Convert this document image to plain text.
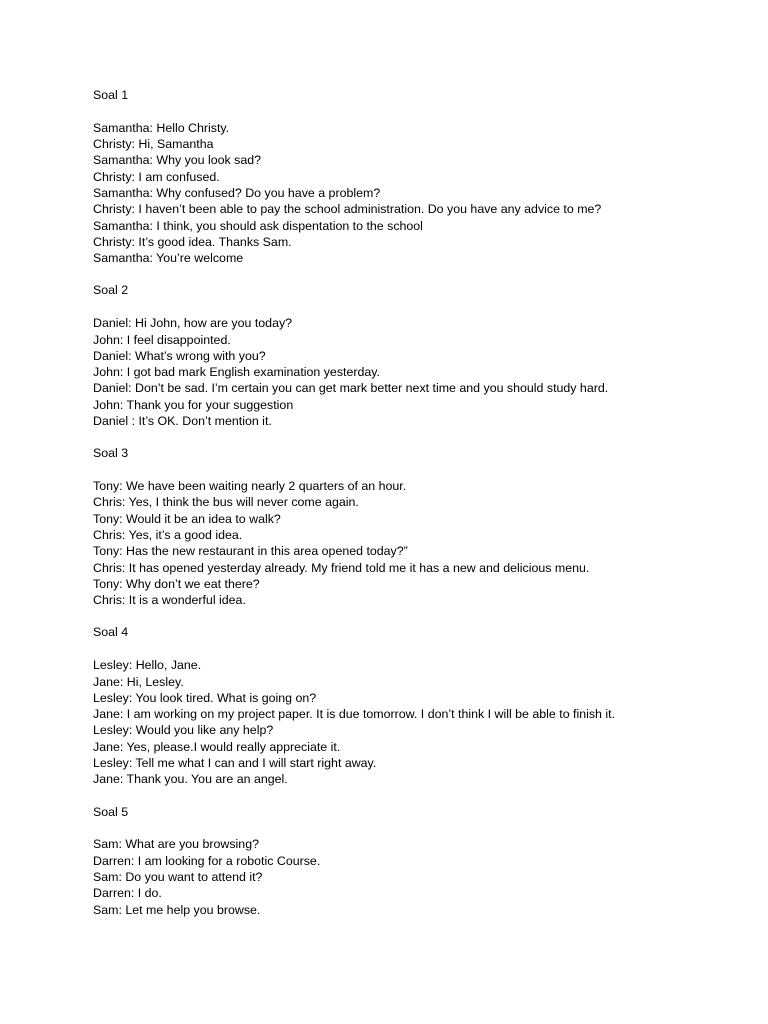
Soal 1
Samantha: Hello Christy.
Christy: Hi, Samantha
Samantha: Why you look sad?
Christy: I am confused.
Samantha: Why confused? Do you have a problem?
Christy: I haven’t been able to pay the school administration. Do you have any advice to me?
Samantha: I think, you should ask dispentation to the school
Christy: It’s good idea. Thanks Sam.
Samantha: You’re welcome
Soal 2
Daniel: Hi John, how are you today?
John: I feel disappointed.
Daniel: What’s wrong with you?
John: I got bad mark English examination yesterday.
Daniel: Don’t be sad. I’m certain you can get mark better next time and you should study hard.
John: Thank you for your suggestion
Daniel : It’s OK. Don’t mention it.
Soal 3
Tony: We have been waiting nearly 2 quarters of an hour.
Chris: Yes, I think the bus will never come again.
Tony: Would it be an idea to walk?
Chris: Yes, it’s a good idea.
Tony: Has the new restaurant in this area opened today?”
Chris: It has opened yesterday already. My friend told me it has a new and delicious menu.
Tony: Why don’t we eat there?
Chris: It is a wonderful idea.
Soal 4
Lesley: Hello, Jane.
Jane: Hi, Lesley.
Lesley: You look tired. What is going on?
Jane: I am working on my project paper. It is due tomorrow. I don’t think I will be able to finish it.
Lesley: Would you like any help?
Jane: Yes, please.I would really appreciate it.
Lesley: Tell me what I can and I will start right away.
Jane: Thank you. You are an angel.
Soal 5
Sam: What are you browsing?
Darren: I am looking for a robotic Course.
Sam: Do you want to attend it?
Darren: I do.
Sam: Let me help you browse.
